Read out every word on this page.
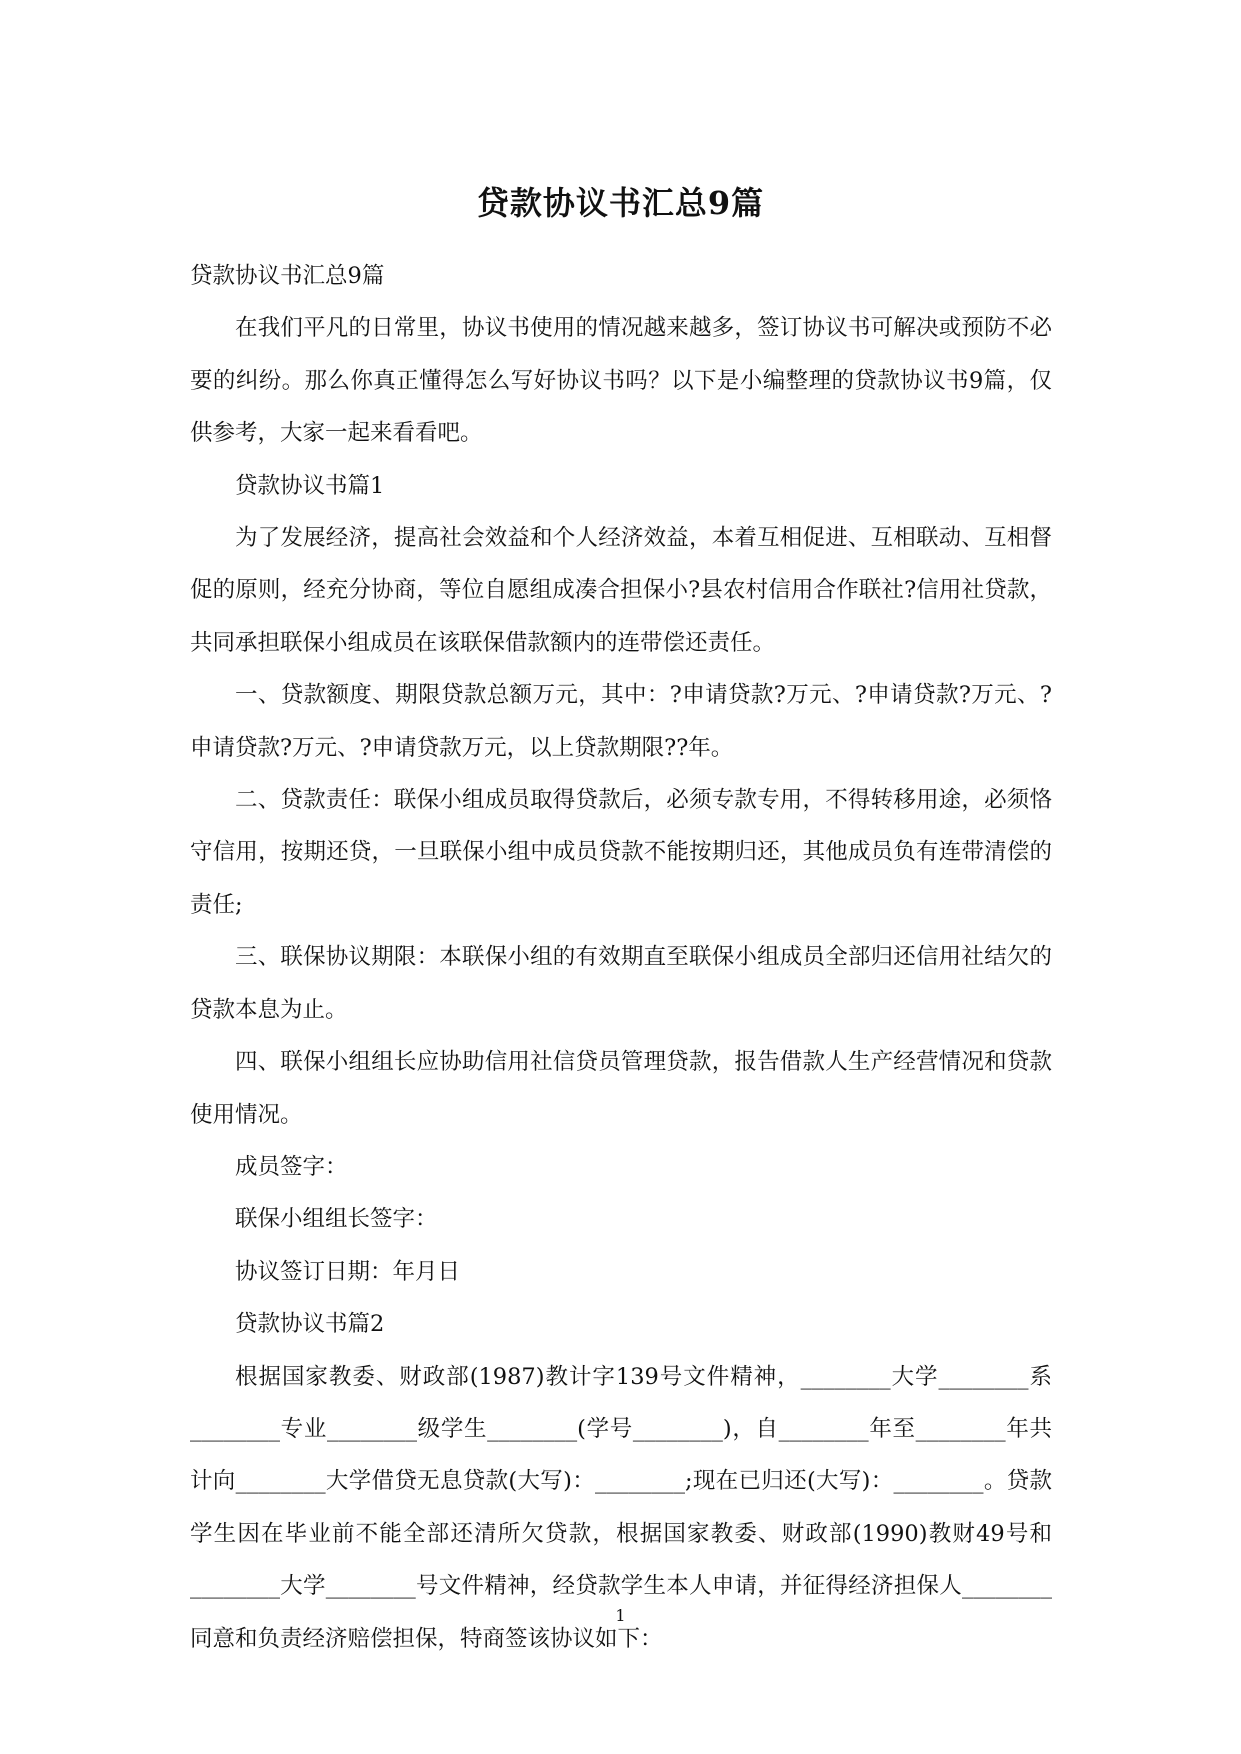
贷款协议书汇总9篇

贷款协议书汇总9篇

在我们平凡的日常里，协议书使用的情况越来越多，签订协议书可解决或预防不必要的纠纷。那么你真正懂得怎么写好协议书吗？以下是小编整理的贷款协议书9篇，仅供参考，大家一起来看看吧。

贷款协议书篇1

为了发展经济，提高社会效益和个人经济效益，本着互相促进、互相联动、互相督促的原则，经充分协商，等位自愿组成凑合担保小?县农村信用合作联社?信用社贷款，共同承担联保小组成员在该联保借款额内的连带偿还责任。

一、贷款额度、期限贷款总额万元，其中：?申请贷款?万元、?申请贷款?万元、?申请贷款?万元、?申请贷款万元，以上贷款期限??年。

二、贷款责任：联保小组成员取得贷款后，必须专款专用，不得转移用途，必须恪守信用，按期还贷，一旦联保小组中成员贷款不能按期归还，其他成员负有连带清偿的责任;

三、联保协议期限：本联保小组的有效期直至联保小组成员全部归还信用社结欠的贷款本息为止。

四、联保小组组长应协助信用社信贷员管理贷款，报告借款人生产经营情况和贷款使用情况。

成员签字：

联保小组组长签字：

协议签订日期：年月日

贷款协议书篇2

根据国家教委、财政部(1987)教计字139号文件精神，________大学________系________专业________级学生________(学号________)，自________年至________年共计向________大学借贷无息贷款(大写)：________;现在已归还(大写)：________。贷款学生因在毕业前不能全部还清所欠贷款，根据国家教委、财政部(1990)教财49号和________大学________号文件精神，经贷款学生本人申请，并征得经济担保人________同意和负责经济赔偿担保，特商签该协议如下：

1
